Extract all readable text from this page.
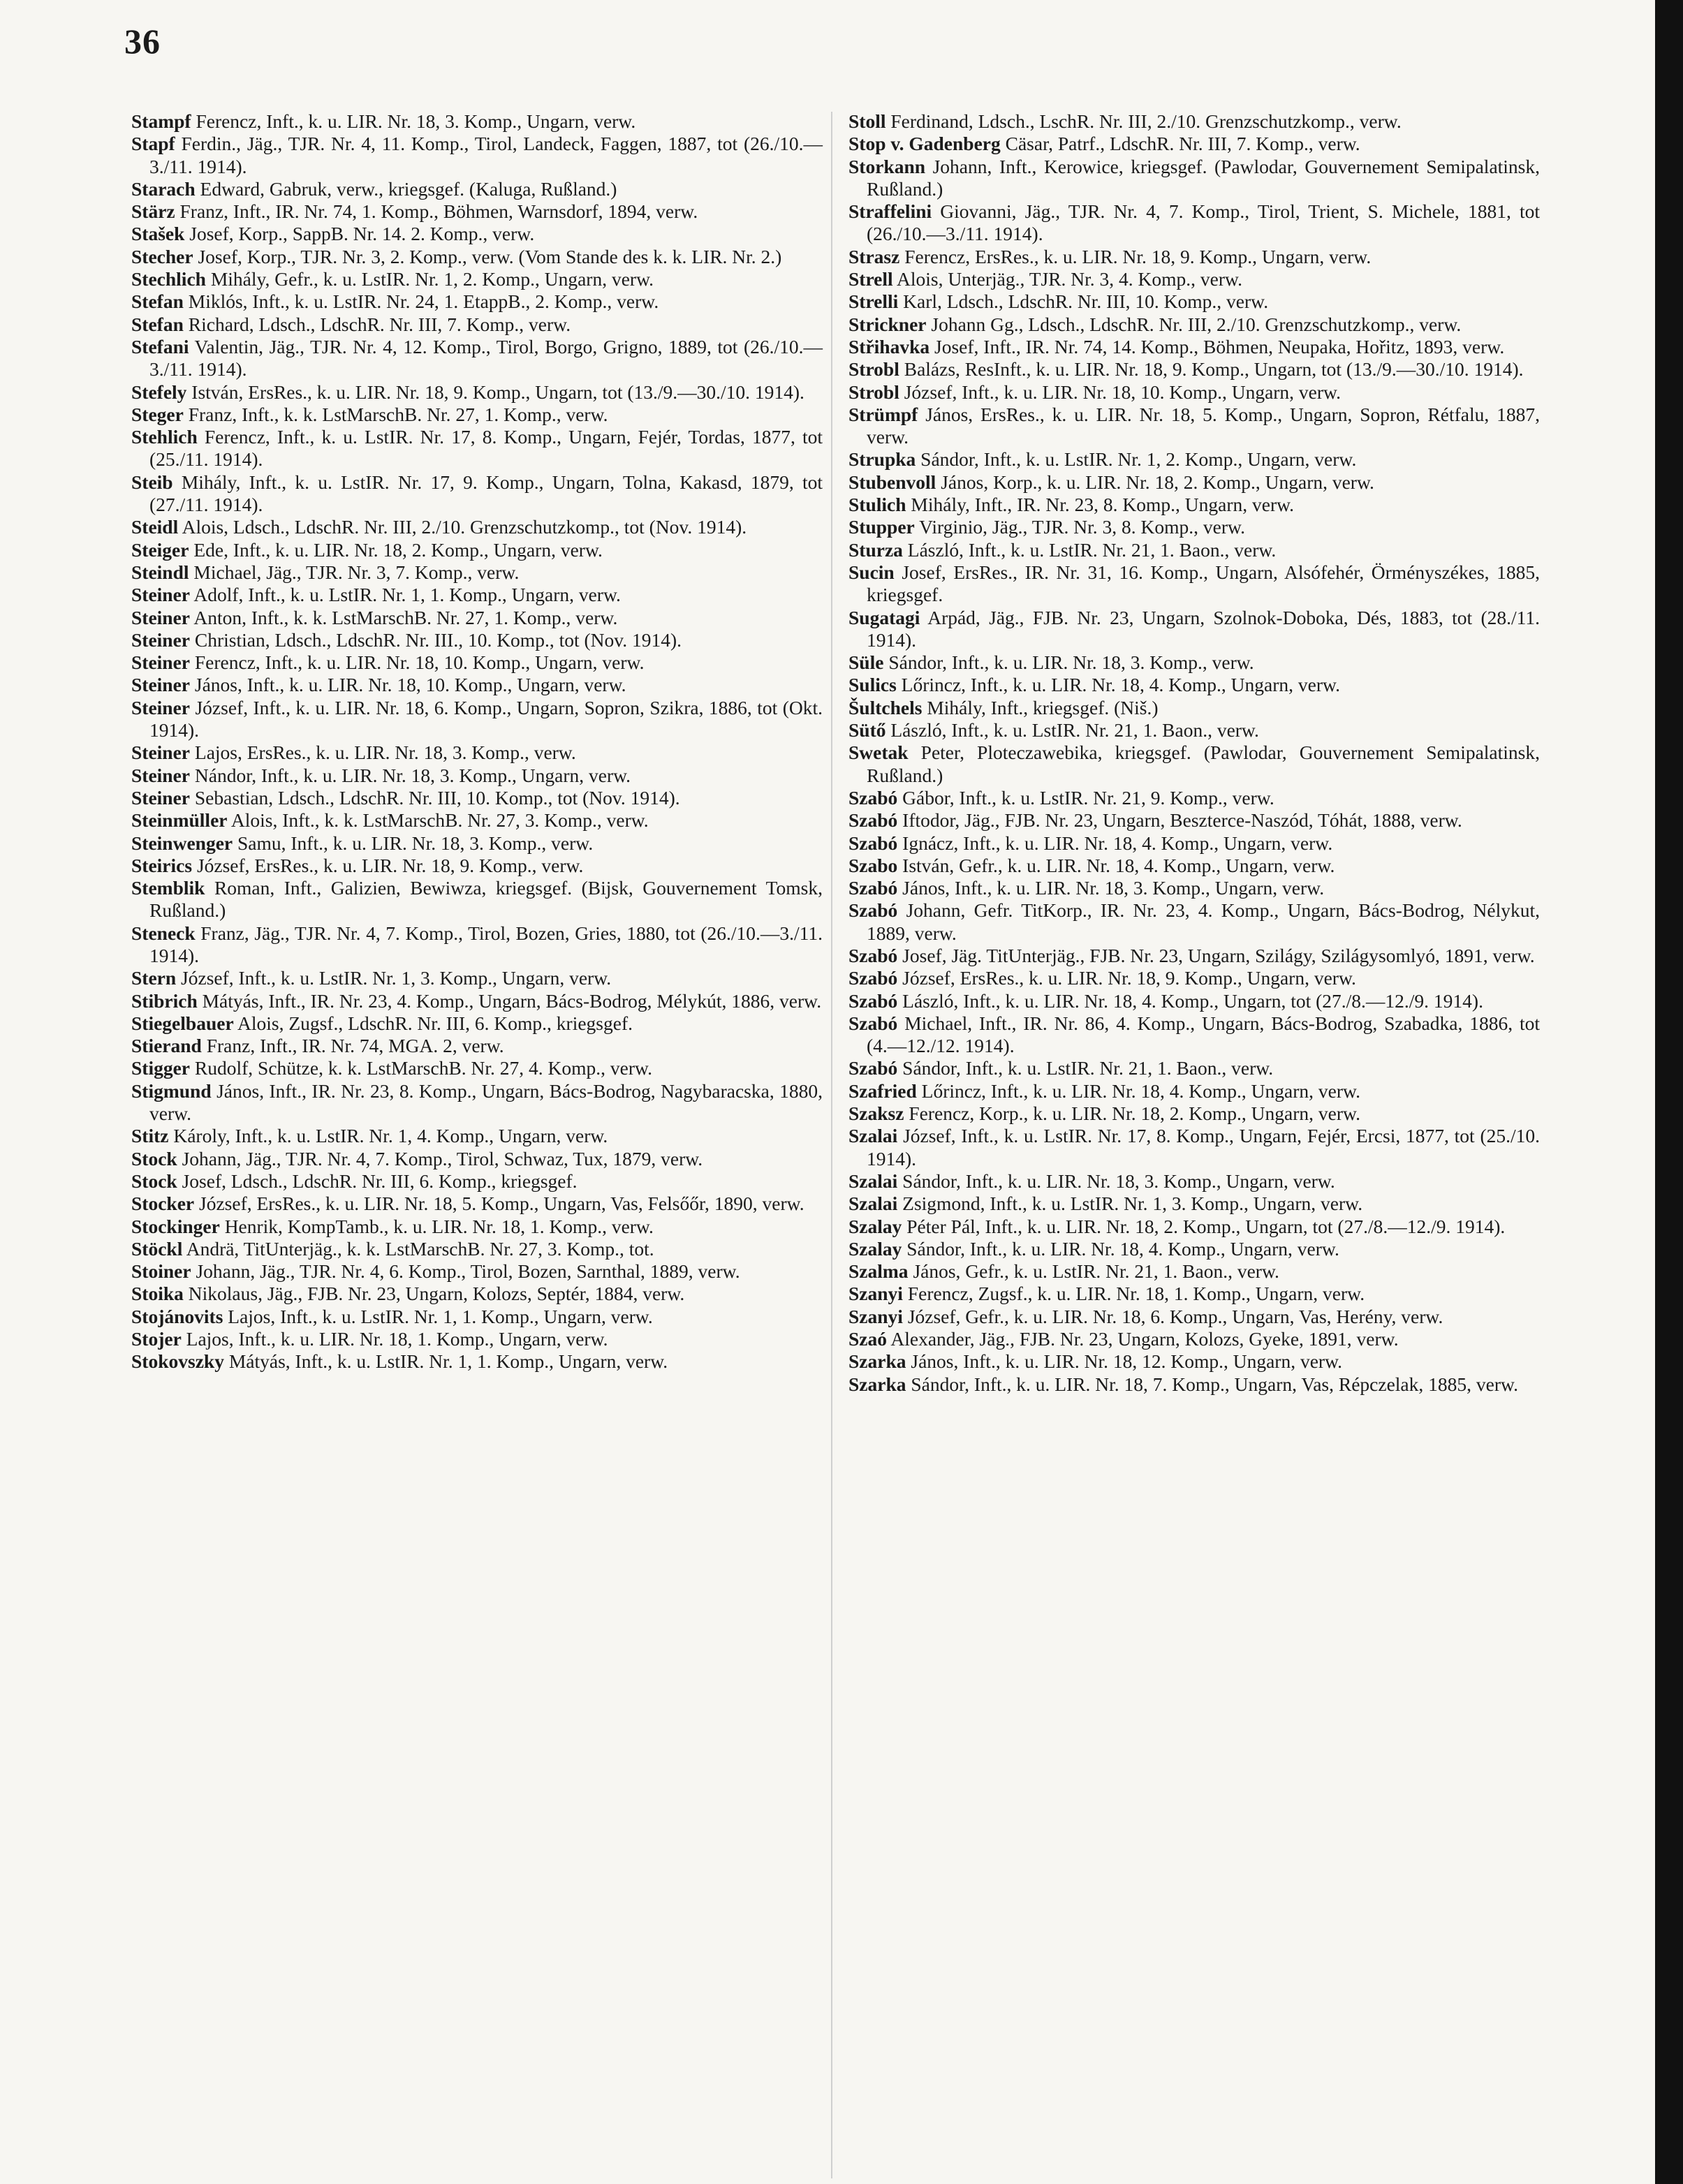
36

Stampf Ferencz, Inft., k. u. LIR. Nr. 18, 3. Komp., Ungarn, verw.

Stapf Ferdin., Jäg., TJR. Nr. 4, 11. Komp., Tirol, Landeck, Faggen, 1887, tot (26./10.—3./11. 1914).

Starach Edward, Gabruk, verw., kriegsgef. (Kaluga, Rußland.)

Stärz Franz, Inft., IR. Nr. 74, 1. Komp., Böhmen, Warnsdorf, 1894, verw.

Stašek Josef, Korp., SappB. Nr. 14. 2. Komp., verw.

Stecher Josef, Korp., TJR. Nr. 3, 2. Komp., verw. (Vom Stande des k. k. LIR. Nr. 2.)

Stechlich Mihály, Gefr., k. u. LstIR. Nr. 1, 2. Komp., Ungarn, verw.

Stefan Miklós, Inft., k. u. LstIR. Nr. 24, 1. EtappB., 2. Komp., verw.

Stefan Richard, Ldsch., LdschR. Nr. III, 7. Komp., verw.

Stefani Valentin, Jäg., TJR. Nr. 4, 12. Komp., Tirol, Borgo, Grigno, 1889, tot (26./10.—3./11. 1914).

Stefely István, ErsRes., k. u. LIR. Nr. 18, 9. Komp., Ungarn, tot (13./9.—30./10. 1914).

Steger Franz, Inft., k. k. LstMarschB. Nr. 27, 1. Komp., verw.

Stehlich Ferencz, Inft., k. u. LstIR. Nr. 17, 8. Komp., Ungarn, Fejér, Tordas, 1877, tot (25./11. 1914).

Steib Mihály, Inft., k. u. LstIR. Nr. 17, 9. Komp., Ungarn, Tolna, Kakasd, 1879, tot (27./11. 1914).

Steidl Alois, Ldsch., LdschR. Nr. III, 2./10. Grenzschutzkomp., tot (Nov. 1914).

Steiger Ede, Inft., k. u. LIR. Nr. 18, 2. Komp., Ungarn, verw.

Steindl Michael, Jäg., TJR. Nr. 3, 7. Komp., verw.

Steiner Adolf, Inft., k. u. LstIR. Nr. 1, 1. Komp., Ungarn, verw.

Steiner Anton, Inft., k. k. LstMarschB. Nr. 27, 1. Komp., verw.

Steiner Christian, Ldsch., LdschR. Nr. III., 10. Komp., tot (Nov. 1914).

Steiner Ferencz, Inft., k. u. LIR. Nr. 18, 10. Komp., Ungarn, verw.

Steiner János, Inft., k. u. LIR. Nr. 18, 10. Komp., Ungarn, verw.

Steiner József, Inft., k. u. LIR. Nr. 18, 6. Komp., Ungarn, Sopron, Szikra, 1886, tot (Okt. 1914).

Steiner Lajos, ErsRes., k. u. LIR. Nr. 18, 3. Komp., verw.

Steiner Nándor, Inft., k. u. LIR. Nr. 18, 3. Komp., Ungarn, verw.

Steiner Sebastian, Ldsch., LdschR. Nr. III, 10. Komp., tot (Nov. 1914).

Steinmüller Alois, Inft., k. k. LstMarschB. Nr. 27, 3. Komp., verw.

Steinwenger Samu, Inft., k. u. LIR. Nr. 18, 3. Komp., verw.

Steirics József, ErsRes., k. u. LIR. Nr. 18, 9. Komp., verw.

Stemblik Roman, Inft., Galizien, Bewiwza, kriegsgef. (Bijsk, Gouvernement Tomsk, Rußland.)

Steneck Franz, Jäg., TJR. Nr. 4, 7. Komp., Tirol, Bozen, Gries, 1880, tot (26./10.—3./11. 1914).

Stern József, Inft., k. u. LstIR. Nr. 1, 3. Komp., Ungarn, verw.

Stibrich Mátyás, Inft., IR. Nr. 23, 4. Komp., Ungarn, Bács-Bodrog, Mélykút, 1886, verw.

Stiegelbauer Alois, Zugsf., LdschR. Nr. III, 6. Komp., kriegsgef.

Stierand Franz, Inft., IR. Nr. 74, MGA. 2, verw.

Stigger Rudolf, Schütze, k. k. LstMarschB. Nr. 27, 4. Komp., verw.

Stigmund János, Inft., IR. Nr. 23, 8. Komp., Ungarn, Bács-Bodrog, Nagybaracska, 1880, verw.

Stitz Károly, Inft., k. u. LstIR. Nr. 1, 4. Komp., Ungarn, verw.

Stock Johann, Jäg., TJR. Nr. 4, 7. Komp., Tirol, Schwaz, Tux, 1879, verw.

Stock Josef, Ldsch., LdschR. Nr. III, 6. Komp., kriegsgef.

Stocker József, ErsRes., k. u. LIR. Nr. 18, 5. Komp., Ungarn, Vas, Felsőőr, 1890, verw.

Stockinger Henrik, KompTamb., k. u. LIR. Nr. 18, 1. Komp., verw.

Stöckl Andrä, TitUnterjäg., k. k. LstMarschB. Nr. 27, 3. Komp., tot.

Stoiner Johann, Jäg., TJR. Nr. 4, 6. Komp., Tirol, Bozen, Sarnthal, 1889, verw.

Stoika Nikolaus, Jäg., FJB. Nr. 23, Ungarn, Kolozs, Septér, 1884, verw.

Stojánovits Lajos, Inft., k. u. LstIR. Nr. 1, 1. Komp., Ungarn, verw.

Stojer Lajos, Inft., k. u. LIR. Nr. 18, 1. Komp., Ungarn, verw.

Stokovszky Mátyás, Inft., k. u. LstIR. Nr. 1, 1. Komp., Ungarn, verw.

Stoll Ferdinand, Ldsch., LschR. Nr. III, 2./10. Grenzschutzkomp., verw.

Stop v. Gadenberg Cäsar, Patrf., LdschR. Nr. III, 7. Komp., verw.

Storkann Johann, Inft., Kerowice, kriegsgef. (Pawlodar, Gouvernement Semipalatinsk, Rußland.)

Straffelini Giovanni, Jäg., TJR. Nr. 4, 7. Komp., Tirol, Trient, S. Michele, 1881, tot (26./10.—3./11. 1914).

Strasz Ferencz, ErsRes., k. u. LIR. Nr. 18, 9. Komp., Ungarn, verw.

Strell Alois, Unterjäg., TJR. Nr. 3, 4. Komp., verw.

Strelli Karl, Ldsch., LdschR. Nr. III, 10. Komp., verw.

Strickner Johann Gg., Ldsch., LdschR. Nr. III, 2./10. Grenzschutzkomp., verw.

Střihavka Josef, Inft., IR. Nr. 74, 14. Komp., Böhmen, Neupaka, Hořitz, 1893, verw.

Strobl Balázs, ResInft., k. u. LIR. Nr. 18, 9. Komp., Ungarn, tot (13./9.—30./10. 1914).

Strobl József, Inft., k. u. LIR. Nr. 18, 10. Komp., Ungarn, verw.

Strümpf János, ErsRes., k. u. LIR. Nr. 18, 5. Komp., Ungarn, Sopron, Rétfalu, 1887, verw.

Strupka Sándor, Inft., k. u. LstIR. Nr. 1, 2. Komp., Ungarn, verw.

Stubenvoll János, Korp., k. u. LIR. Nr. 18, 2. Komp., Ungarn, verw.

Stulich Mihály, Inft., IR. Nr. 23, 8. Komp., Ungarn, verw.

Stupper Virginio, Jäg., TJR. Nr. 3, 8. Komp., verw.

Sturza László, Inft., k. u. LstIR. Nr. 21, 1. Baon., verw.

Sucin Josef, ErsRes., IR. Nr. 31, 16. Komp., Ungarn, Alsófehér, Örményszékes, 1885, kriegsgef.

Sugatagi Arpád, Jäg., FJB. Nr. 23, Ungarn, Szolnok-Doboka, Dés, 1883, tot (28./11. 1914).

Süle Sándor, Inft., k. u. LIR. Nr. 18, 3. Komp., verw.

Sulics Lőrincz, Inft., k. u. LIR. Nr. 18, 4. Komp., Ungarn, verw.

Šultchels Mihály, Inft., kriegsgef. (Niš.)

Sütő László, Inft., k. u. LstIR. Nr. 21, 1. Baon., verw.

Swetak Peter, Ploteczawebika, kriegsgef. (Pawlodar, Gouvernement Semipalatinsk, Rußland.)

Szabó Gábor, Inft., k. u. LstIR. Nr. 21, 9. Komp., verw.

Szabó Iftodor, Jäg., FJB. Nr. 23, Ungarn, Beszterce-Naszód, Tóhát, 1888, verw.

Szabó Ignácz, Inft., k. u. LIR. Nr. 18, 4. Komp., Ungarn, verw.

Szabo István, Gefr., k. u. LIR. Nr. 18, 4. Komp., Ungarn, verw.

Szabó János, Inft., k. u. LIR. Nr. 18, 3. Komp., Ungarn, verw.

Szabó Johann, Gefr. TitKorp., IR. Nr. 23, 4. Komp., Ungarn, Bács-Bodrog, Nélykut, 1889, verw.

Szabó Josef, Jäg. TitUnterjäg., FJB. Nr. 23, Ungarn, Szilágy, Szilágysomlyó, 1891, verw.

Szabó József, ErsRes., k. u. LIR. Nr. 18, 9. Komp., Ungarn, verw.

Szabó László, Inft., k. u. LIR. Nr. 18, 4. Komp., Ungarn, tot (27./8.—12./9. 1914).

Szabó Michael, Inft., IR. Nr. 86, 4. Komp., Ungarn, Bács-Bodrog, Szabadka, 1886, tot (4.—12./12. 1914).

Szabó Sándor, Inft., k. u. LstIR. Nr. 21, 1. Baon., verw.

Szafried Lőrincz, Inft., k. u. LIR. Nr. 18, 4. Komp., Ungarn, verw.

Szaksz Ferencz, Korp., k. u. LIR. Nr. 18, 2. Komp., Ungarn, verw.

Szalai József, Inft., k. u. LstIR. Nr. 17, 8. Komp., Ungarn, Fejér, Ercsi, 1877, tot (25./10. 1914).

Szalai Sándor, Inft., k. u. LIR. Nr. 18, 3. Komp., Ungarn, verw.

Szalai Zsigmond, Inft., k. u. LstIR. Nr. 1, 3. Komp., Ungarn, verw.

Szalay Péter Pál, Inft., k. u. LIR. Nr. 18, 2. Komp., Ungarn, tot (27./8.—12./9. 1914).

Szalay Sándor, Inft., k. u. LIR. Nr. 18, 4. Komp., Ungarn, verw.

Szalma János, Gefr., k. u. LstIR. Nr. 21, 1. Baon., verw.

Szanyi Ferencz, Zugsf., k. u. LIR. Nr. 18, 1. Komp., Ungarn, verw.

Szanyi József, Gefr., k. u. LIR. Nr. 18, 6. Komp., Ungarn, Vas, Herény, verw.

Szaó Alexander, Jäg., FJB. Nr. 23, Ungarn, Kolozs, Gyeke, 1891, verw.

Szarka János, Inft., k. u. LIR. Nr. 18, 12. Komp., Ungarn, verw.

Szarka Sándor, Inft., k. u. LIR. Nr. 18, 7. Komp., Ungarn, Vas, Répczelak, 1885, verw.
